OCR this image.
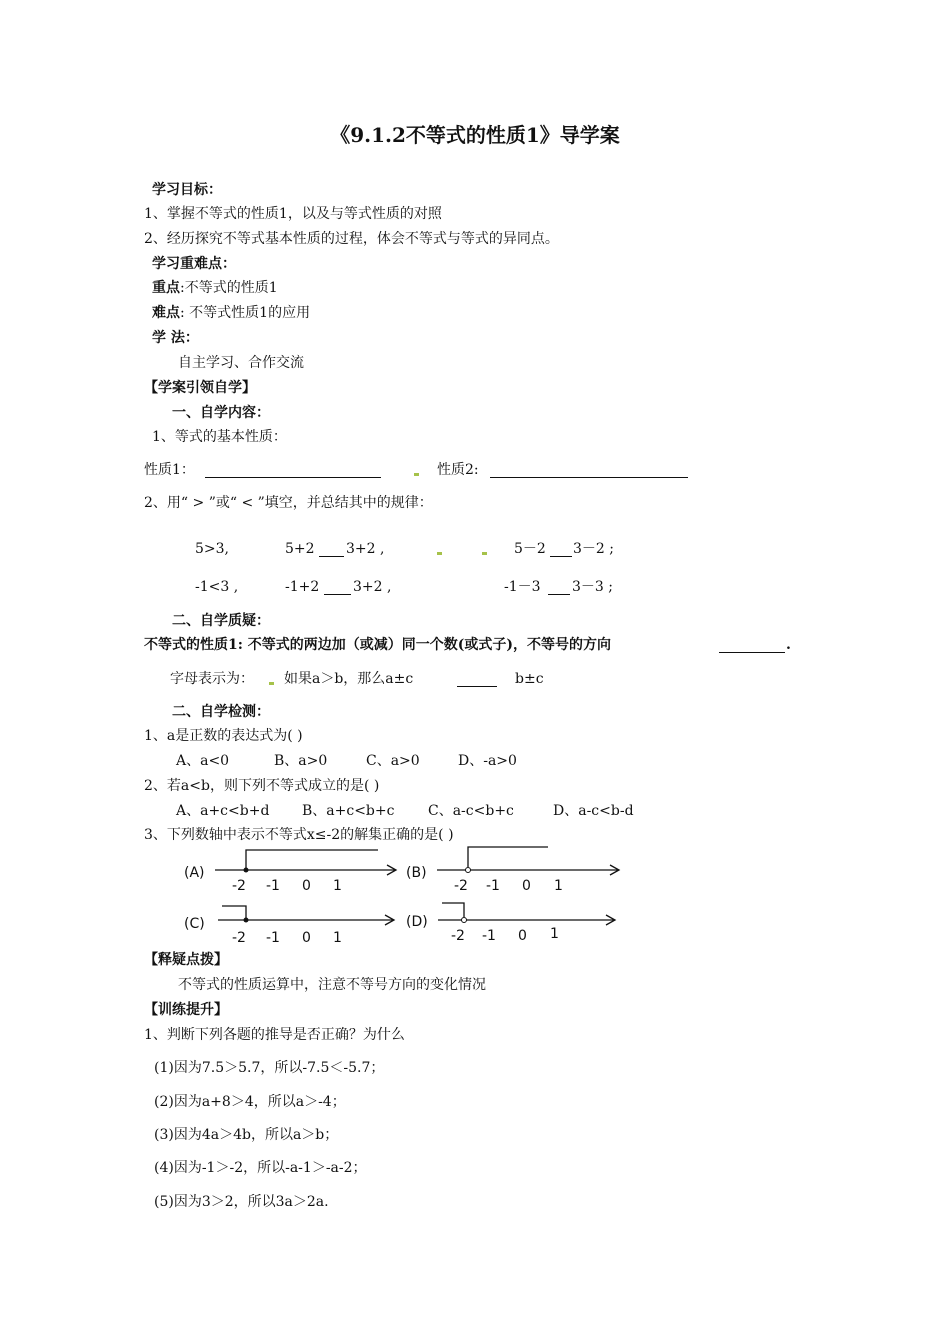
《9.1.2不等式的性质1》导学案
学习目标：
1、掌握不等式的性质1，以及与等式性质的对照
2、经历探究不等式基本性质的过程，体会不等式与等式的异同点。
学习重难点：
重点:不等式的性质1
难点: 不等式性质1的应用
学 法：
自主学习、合作交流
【学案引领自学】
一、自学内容：
1、等式的基本性质：
性质1：	性质2:
2、用“ > ”或“ < ”填空，并总结其中的规律：
5>3,	5+2 3+2 ,	5－2 3－2 ;
-1<3 ,	-1+2 3+2 ,	-1－3 3－3 ;
二、自学质疑：
不等式的性质1: 不等式的两边加（或减）同一个数(或式子)，不等号的方向	.
字母表示为： 如果a＞b，那么a±c	b±c
二、自学检测：
1、a是正数的表达式为( )
A、a<0	B、a>0	C、a>0	D、-a>0
2、若a<b，则下列不等式成立的是( )
A、a+c<b+d B、a+c<b+c C、a-c<b+c	D、a-c<b-d
3、下列数轴中表示不等式x≤-2的解集正确的是( )
(A)
-2 -1 0 1
(B)
-2 -1 0 1
(C)
-2 -1 0 1
(D)
-2 -1 0 1
【释疑点拨】
不等式的性质运算中，注意不等号方向的变化情况
【训练提升】
1、判断下列各题的推导是否正确？为什么
(1)因为7.5＞5.7，所以-7.5＜-5.7；
(2)因为a+8＞4，所以a＞-4；
(3)因为4a＞4b，所以a＞b；
(4)因为-1＞-2，所以-a-1＞-a-2；
(5)因为3＞2，所以3a＞2a.
